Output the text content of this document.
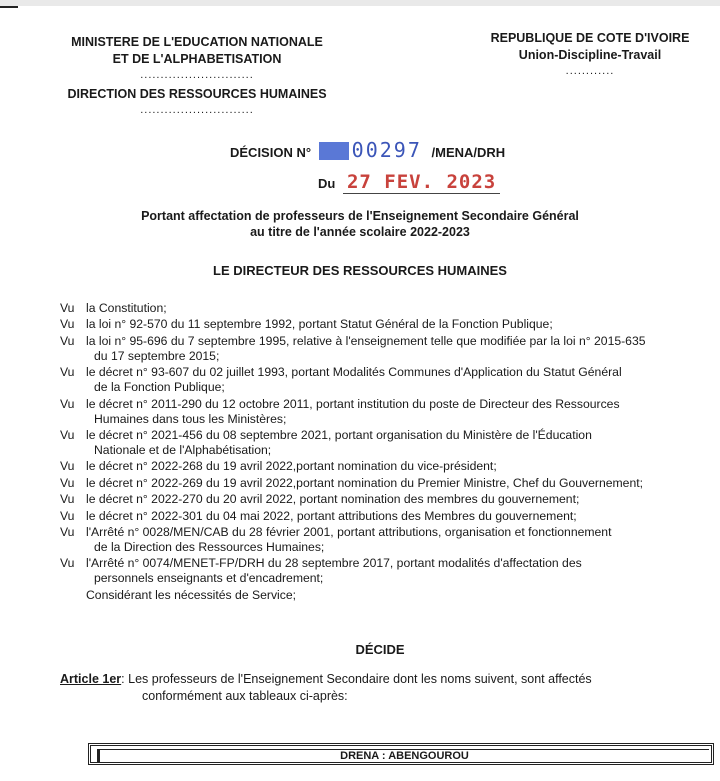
MINISTERE DE L'EDUCATION NATIONALE
ET DE L'ALPHABETISATION
............................
DIRECTION DES RESSOURCES HUMAINES
............................
REPUBLIQUE DE COTE D'IVOIRE
Union-Discipline-Travail
............
DÉCISION N° 00297 /MENA/DRH
Du 27 FEV. 2023
Portant affectation de professeurs de l'Enseignement Secondaire Général
au titre de l'année scolaire 2022-2023
LE DIRECTEUR DES RESSOURCES HUMAINES
Vu la Constitution;
Vu la loi n° 92-570 du 11 septembre 1992, portant Statut Général de la Fonction Publique;
Vu la loi n° 95-696 du 7 septembre 1995, relative à l'enseignement telle que modifiée par la loi n° 2015-635
du 17 septembre 2015;
Vu le décret n° 93-607 du 02 juillet 1993, portant Modalités Communes d'Application du Statut Général
de la Fonction Publique;
Vu le décret n° 2011-290 du 12 octobre 2011, portant institution du poste de Directeur des Ressources
Humaines dans tous les Ministères;
Vu le décret n° 2021-456 du 08 septembre 2021, portant organisation du Ministère de l'Éducation
Nationale et de l'Alphabétisation;
Vu le décret n° 2022-268 du 19 avril 2022,portant nomination du vice-président;
Vu le décret n° 2022-269 du 19 avril 2022,portant nomination du Premier Ministre, Chef du Gouvernement;
Vu le décret n° 2022-270 du 20 avril 2022, portant nomination des membres du gouvernement;
Vu le décret n° 2022-301 du 04 mai 2022, portant attributions des Membres du gouvernement;
Vu l'Arrêté n° 0028/MEN/CAB du 28 février 2001, portant attributions, organisation et fonctionnement
de la Direction des Ressources Humaines;
Vu l'Arrêté n° 0074/MENET-FP/DRH du 28 septembre 2017, portant modalités d'affectation des
personnels enseignants et d'encadrement;
Considérant les nécessités de Service;
DÉCIDE
Article 1er: Les professeurs de l'Enseignement Secondaire dont les noms suivent, sont affectés
conformément aux tableaux ci-après:
DRENA : ABENGOUROU
